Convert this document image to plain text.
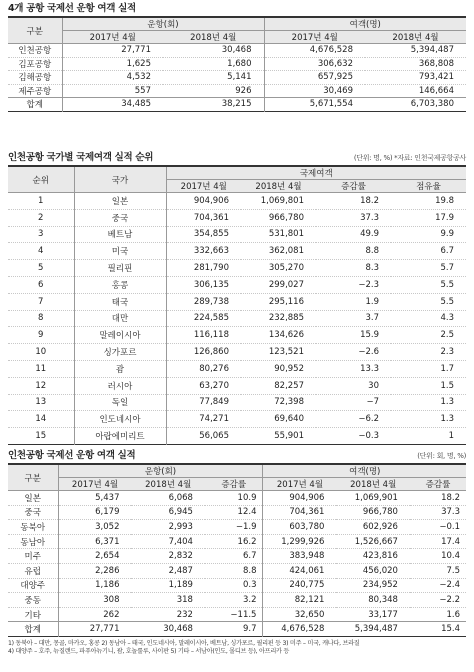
4개 공항 국제선 운항 여객 실적
구분	운항(회)		여객(명)	
	2017년 4월	2018년 4월	2017년 4월	2018년 4월
인천공항	27,771	30,468	4,676,528	5,394,487
김포공항	1,625	1,680	306,632	368,808
김해공항	4,532	5,141	657,925	793,421
제주공항	557	926	30,469	146,664
합계	34,485	38,215	5,671,554	6,703,380
인천공항 국가별 국제여객 실적 순위	(단위: 명, %) *자료: 인천국제공항공사
순위	국가	국제여객			
		2017년 4월	2018년 4월	증감률	점유율
1	일본	904,906	1,069,801	18.2	19.8
2	중국	704,361	966,780	37.3	17.9
3	베트남	354,855	531,801	49.9	9.9
4	미국	332,663	362,081	8.8	6.7
5	필리핀	281,790	305,270	8.3	5.7
6	홍콩	306,135	299,027	−2.3	5.5
7	태국	289,738	295,116	1.9	5.5
8	대만	224,585	232,885	3.7	4.3
9	말레이시아	116,118	134,626	15.9	2.5
10	싱가포르	126,860	123,521	−2.6	2.3
11	괌	80,276	90,952	13.3	1.7
12	러시아	63,270	82,257	30	1.5
13	독일	77,849	72,398	−7	1.3
14	인도네시아	74,271	69,640	−6.2	1.3
15	아랍에미리트	56,065	55,901	−0.3	1
인천공항 국제선 운항 여객 실적	(단위: 회, 명, %)
구분	운항(회)			여객(명)		
	2017년 4월	2018년 4월	증감률	2017년 4월	2018년 4월	증감률
일본	5,437	6,068	10.9	904,906	1,069,901	18.2
중국	6,179	6,945	12.4	704,361	966,780	37.3
동북아	3,052	2,993	−1.9	603,780	602,926	−0.1
동남아	6,371	7,404	16.2	1,299,926	1,526,667	17.4
미주	2,654	2,832	6.7	383,948	423,816	10.4
유럽	2,286	2,487	8.8	424,061	456,020	7.5
대양주	1,186	1,189	0.3	240,775	234,952	−2.4
중동	308	318	3.2	82,121	80,348	−2.2
기타	262	232	−11.5	32,650	33,177	1.6
합계	27,771	30,468	9.7	4,676,528	5,394,487	15.4
1) 동북아 – 대만, 몽골, 마카오, 홍콩 2) 동남아 – 태국, 인도네시아, 말레이시아, 베트남, 싱가포르, 필리핀 등 3) 미주 – 미국, 캐나다, 브라질
4) 대양주 – 호주, 뉴질랜드, 파푸아뉴기니, 괌, 호놀룰루, 사이판 5) 기타 – 서남아(인도, 몰디브 등), 아프리카 등
